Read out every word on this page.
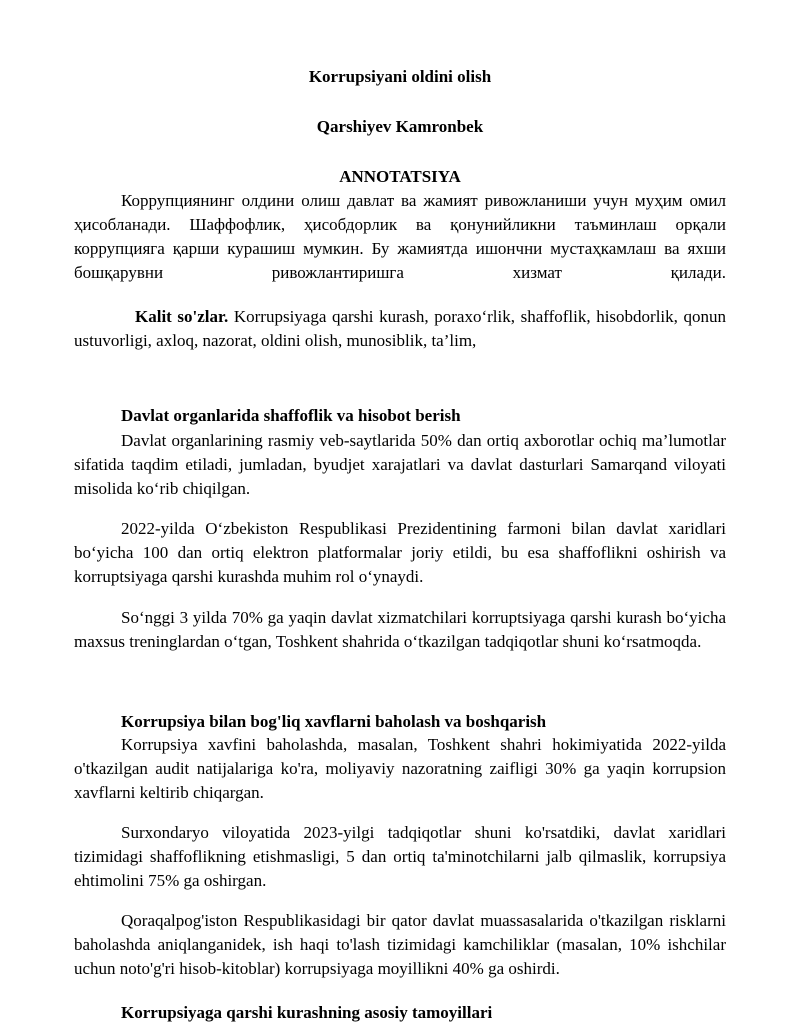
Korrupsiyani oldini olish
Qarshiyev Kamronbek
ANNOTATSIYA

Коррупциянинг олдини олиш давлат ва жамият ривожланиши учун муҳим омил ҳисобланади. Шаффофлик, ҳисобдорлик ва қонунийликни таъминлаш орқали коррупцияга қарши курашиш мумкин. Бу жамиятда ишончни мустаҳкамлаш ва яхши бошқарувни ривожлантиришга хизмат қилади.

Kalit so'zlar. Korrupsiyaga qarshi kurash, poraxo‘rlik, shaffoflik, hisobdorlik, qonun ustuvorligi, axloq, nazorat, oldini olish, munosiblik, ta’lim,

Davlat organlarida shaffoflik va hisobot berish

Davlat organlarining rasmiy veb-saytlarida 50% dan ortiq axborotlar ochiq ma’lumotlar sifatida taqdim etiladi, jumladan, byudjet xarajatlari va davlat dasturlari Samarqand viloyati misolida ko‘rib chiqilgan.

2022-yilda O‘zbekiston Respublikasi Prezidentining farmoni bilan davlat xaridlari bo‘yicha 100 dan ortiq elektron platformalar joriy etildi, bu esa shaffoflikni oshirish va korruptsiyaga qarshi kurashda muhim rol o‘ynaydi.

So‘nggi 3 yilda 70% ga yaqin davlat xizmatchilari korruptsiyaga qarshi kurash bo‘yicha maxsus treninglardan o‘tgan, Toshkent shahrida o‘tkazilgan tadqiqotlar shuni ko‘rsatmoqda.

Korrupsiya bilan bog'liq xavflarni baholash va boshqarish

Korrupsiya xavfini baholashda, masalan, Toshkent shahri hokimiyatida 2022-yilda o'tkazilgan audit natijalariga ko'ra, moliyaviy nazoratning zaifligi 30% ga yaqin korrupsion xavflarni keltirib chiqargan.

Surxondaryo viloyatida 2023-yilgi tadqiqotlar shuni ko'rsatdiki, davlat xaridlari tizimidagi shaffoflikning etishmasligi, 5 dan ortiq ta'minotchilarni jalb qilmaslik, korrupsiya ehtimolini 75% ga oshirgan.

Qoraqalpog'iston Respublikasidagi bir qator davlat muassasalarida o'tkazilgan risklarni baholashda aniqlanganidek, ish haqi to'lash tizimidagi kamchiliklar (masalan, 10% ishchilar uchun noto'g'ri hisob-kitoblar) korrupsiyaga moyillikni 40% ga oshirdi.

Korrupsiyaga qarshi kurashning asosiy tamoyillari
